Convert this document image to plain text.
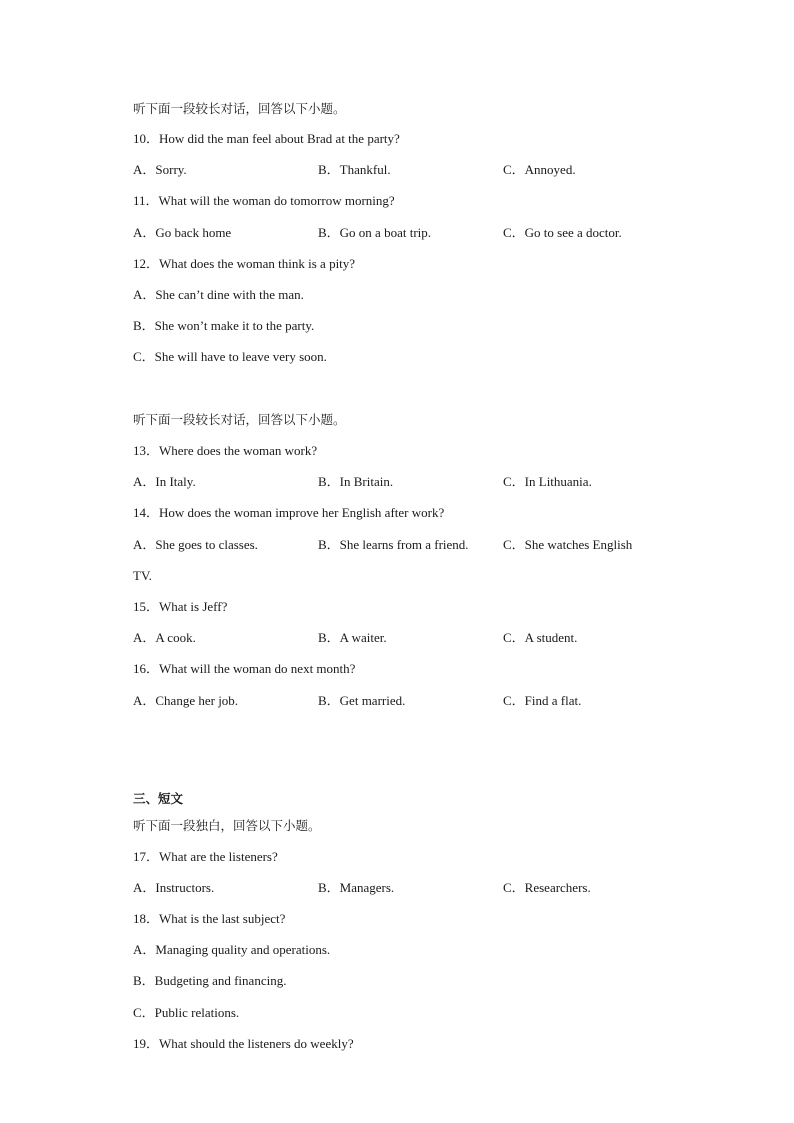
听下面一段较长对话，回答以下小题。
10．How did the man feel about Brad at the party?
A．Sorry.	B．Thankful.	C．Annoyed.
11．What will the woman do tomorrow morning?
A．Go back home	B．Go on a boat trip.	C．Go to see a doctor.
12．What does the woman think is a pity?
A．She can’t dine with the man.
B．She won’t make it to the party.
C．She will have to leave very soon.
听下面一段较长对话，回答以下小题。
13．Where does the woman work?
A．In Italy.	B．In Britain.	C．In Lithuania.
14．How does the woman improve her English after work?
A．She goes to classes.	B．She learns from a friend.	C．She watches English
TV.
15．What is Jeff?
A．A cook.	B．A waiter.	C．A student.
16．What will the woman do next month?
A．Change her job.	B．Get married.	C．Find a flat.
三、短文
听下面一段独白，回答以下小题。
17．What are the listeners?
A．Instructors.	B．Managers.	C．Researchers.
18．What is the last subject?
A．Managing quality and operations.
B．Budgeting and financing.
C．Public relations.
19．What should the listeners do weekly?
